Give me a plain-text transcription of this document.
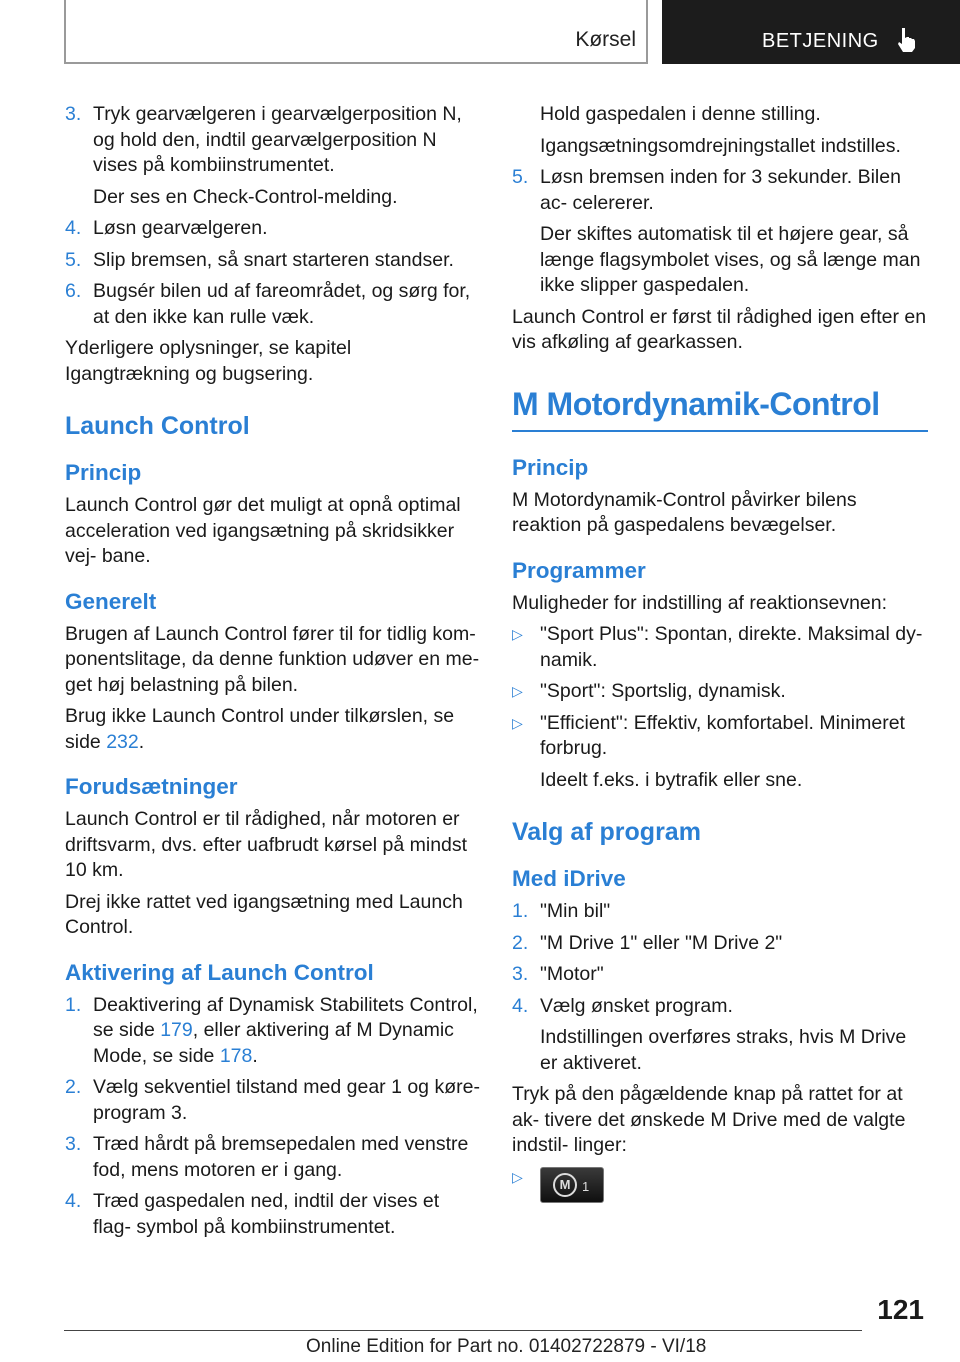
Kørsel	BETJENING
3. Tryk gearvælgeren i gearvælgerposition N, og hold den, indtil gearvælgerposition N vises på kombiinstrumentet.
Der ses en Check-Control-melding.
4. Løsn gearvælgeren.
5. Slip bremsen, så snart starteren standser.
6. Bugsér bilen ud af fareområdet, og sørg for, at den ikke kan rulle væk.

Yderligere oplysninger, se kapitel Igangtrækning og bugsering.

Launch Control
Princip

Launch Control gør det muligt at opnå optimal acceleration ved igangsætning på skridsikker vej- bane.

Generelt

Brugen af Launch Control fører til for tidlig kom- ponentslitage, da denne funktion udøver en me- get høj belastning på bilen.

Brug ikke Launch Control under tilkørslen, se side 232.

Forudsætninger

Launch Control er til rådighed, når motoren er driftsvarm, dvs. efter uafbrudt kørsel på mindst 10 km.

Drej ikke rattet ved igangsætning med Launch Control.

Aktivering af Launch Control
1. Deaktivering af Dynamisk Stabilitets Control, se side 179, eller aktivering af M Dynamic Mode, se side 178.
2. Vælg sekventiel tilstand med gear 1 og køre- program 3.
3. Træd hårdt på bremsepedalen med venstre fod, mens motoren er i gang.
4. Træd gaspedalen ned, indtil der vises et flag- symbol på kombiinstrumentet.
Hold gaspedalen i denne stilling.
Igangsætningsomdrejningstallet indstilles.
5. Løsn bremsen inden for 3 sekunder. Bilen ac- celererer.
Der skiftes automatisk til et højere gear, så længe flagsymbolet vises, og så længe man ikke slipper gaspedalen.

Launch Control er først til rådighed igen efter en vis afkøling af gearkassen.

M Motordynamik-Control
Princip

M Motordynamik-Control påvirker bilens reaktion på gaspedalens bevægelser.

Programmer

Muligheder for indstilling af reaktionsevnen:

▷ "Sport Plus": Spontan, direkte. Maksimal dy- namik.
▷ "Sport": Sportslig, dynamisk.
▷ "Efficient": Effektiv, komfortabel. Minimeret forbrug.
Ideelt f.eks. i bytrafik eller sne.
Valg af program
Med iDrive
1. "Min bil"
2. "M Drive 1" eller "M Drive 2"
3. "Motor"
4. Vælg ønsket program.
Indstillingen overføres straks, hvis M Drive er aktiveret.

Tryk på den pågældende knap på rattet for at ak- tivere det ønskede M Drive med de valgte indstil- linger:

▷	M 1
121
Online Edition for Part no. 01402722879 - VI/18
